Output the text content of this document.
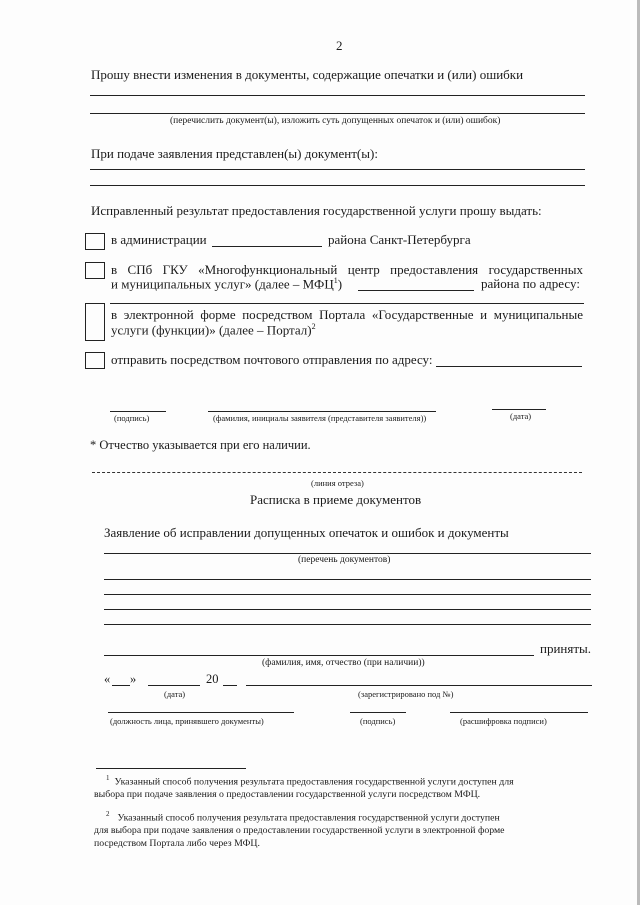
2
Прошу внести изменения в документы, содержащие опечатки и (или) ошибки
(перечислить документ(ы), изложить суть допущенных опечаток и (или) ошибок)
При подаче заявления представлен(ы) документ(ы):
Исправленный результат предоставления государственной услуги прошу выдать:
в администрации	района Санкт-Петербурга
в СПб ГКУ «Многофункциональный центр предоставления государственных
и муниципальных услуг» (далее – МФЦ$^1$)	района по адресу:
в электронной форме посредством Портала «Государственные и муниципальные
услуги (функции)» (далее – Портал)$^2$
отправить посредством почтового отправления по адресу:
(подпись)	(фамилия, инициалы заявителя (представителя заявителя))	(дата)
* Отчество указывается при его наличии.
(линия отреза)
Расписка в приеме документов
Заявление об исправлении допущенных опечаток и ошибок и документы
(перечень документов)
приняты.
(фамилия, имя, отчество (при наличии))
« »	20
(дата)	(зарегистрировано под №)
(должность лица, принявшего документы)	(подпись)	(расшифровка подписи)
$^1$ Указанный способ получения результата предоставления государственной услуги доступен для
выбора при подаче заявления о предоставлении государственной услуги посредством МФЦ.
$^2$ Указанный способ получения результата предоставления государственной услуги доступен
для выбора при подаче заявления о предоставлении государственной услуги в электронной форме
посредством Портала либо через МФЦ.
